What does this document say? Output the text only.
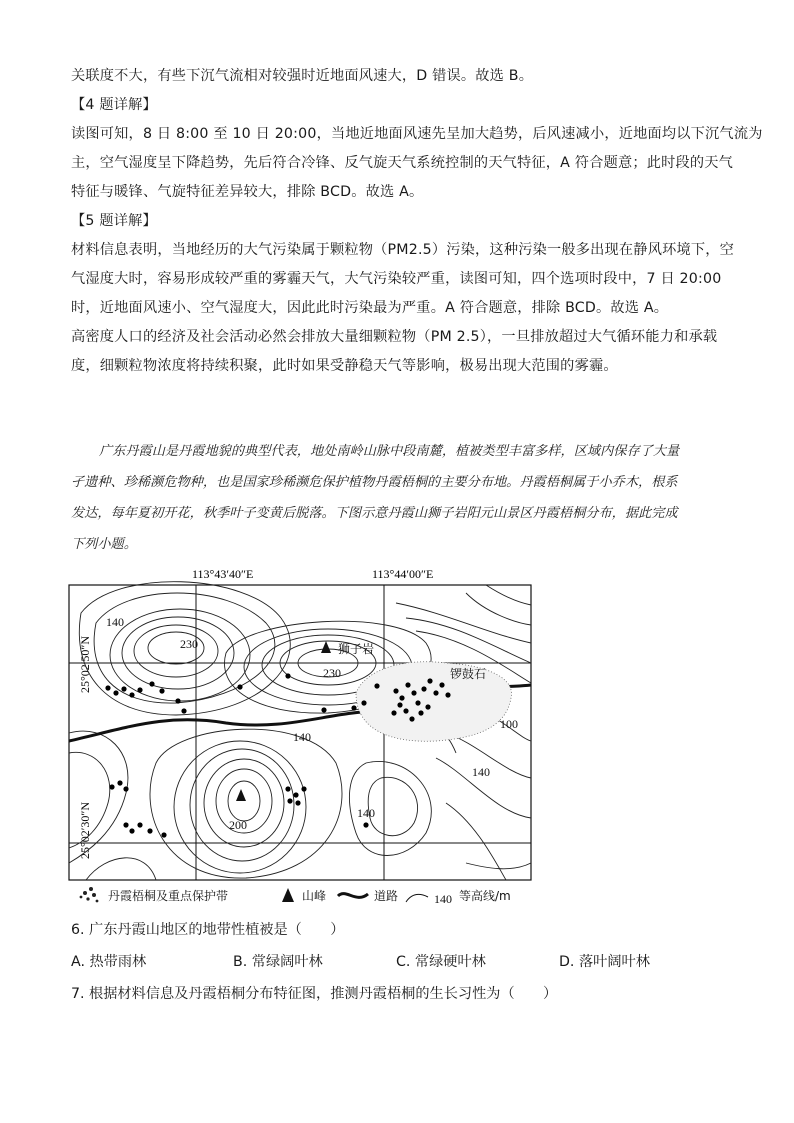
关联度不大，有些下沉气流相对较强时近地面风速大，D 错误。故选 B。
【4 题详解】
读图可知，8 日 8:00 至 10 日 20:00，当地近地面风速先呈加大趋势，后风速减小，近地面均以下沉气流为
主，空气湿度呈下降趋势，先后符合冷锋、反气旋天气系统控制的天气特征，A 符合题意；此时段的天气
特征与暖锋、气旋特征差异较大，排除 BCD。故选 A。
【5 题详解】
材料信息表明，当地经历的大气污染属于颗粒物（PM2.5）污染，这种污染一般多出现在静风环境下，空
气湿度大时，容易形成较严重的雾霾天气，大气污染较严重，读图可知，四个选项时段中，7 日 20:00
时，近地面风速小、空气湿度大，因此此时污染最为严重。A 符合题意，排除 BCD。故选 A。
高密度人口的经济及社会活动必然会排放大量细颗粒物（PM 2.5），一旦排放超过大气循环能力和承载
度，细颗粒物浓度将持续积聚，此时如果受静稳天气等影响，极易出现大范围的雾霾。
广东丹霞山是丹霞地貌的典型代表，地处南岭山脉中段南麓，植被类型丰富多样，区域内保存了大量
孑遗种、珍稀濒危物种，也是国家珍稀濒危保护植物丹霞梧桐的主要分布地。丹霞梧桐属于小乔木，根系
发达，每年夏初开花，秋季叶子变黄后脱落。下图示意丹霞山狮子岩阳元山景区丹霞梧桐分布，据此完成
下列小题。
113°43′40″E	113°44′00″E
25°02′50″N
25°02′30″N
140
230
230
140
100
140
140
200
狮子岩
锣鼓石
丹霞梧桐及重点保护带	山峰	道路	140 等高线/m
6. 广东丹霞山地区的地带性植被是（　　）
A. 热带雨林	B. 常绿阔叶林	C. 常绿硬叶林	D. 落叶阔叶林
7. 根据材料信息及丹霞梧桐分布特征图，推测丹霞梧桐的生长习性为（　　）
